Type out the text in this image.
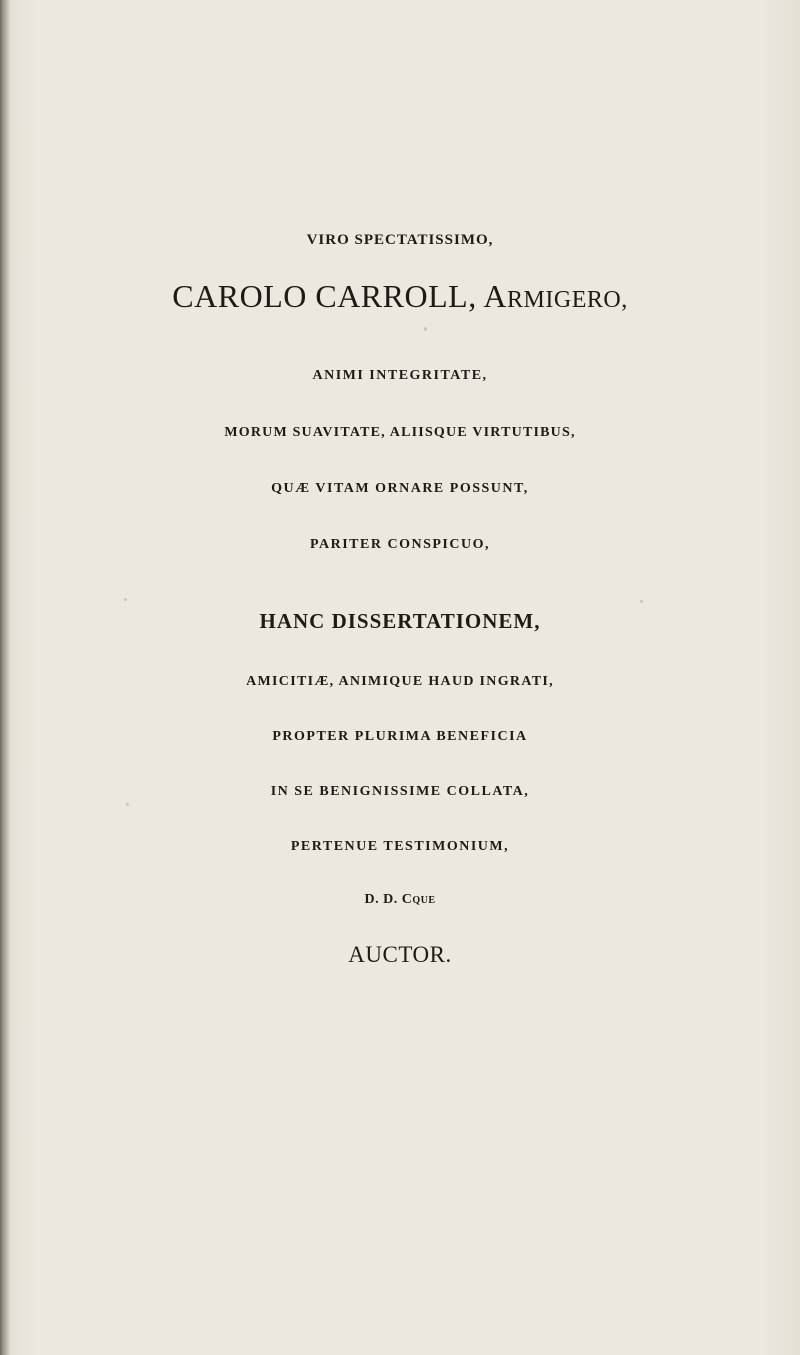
VIRO SPECTATISSIMO,

CAROLO CARROLL, ARMIGERO,

ANIMI INTEGRITATE,

MORUM SUAVITATE, ALIISQUE VIRTUTIBUS,

QUÆ VITAM ORNARE POSSUNT,

PARITER CONSPICUO,

HANC DISSERTATIONEM,

AMICITIÆ, ANIMIQUE HAUD INGRATI,

PROPTER PLURIMA BENEFICIA

IN SE BENIGNISSIME COLLATA,

PERTENUE TESTIMONIUM,

D. D. CQUE

AUCTOR.
